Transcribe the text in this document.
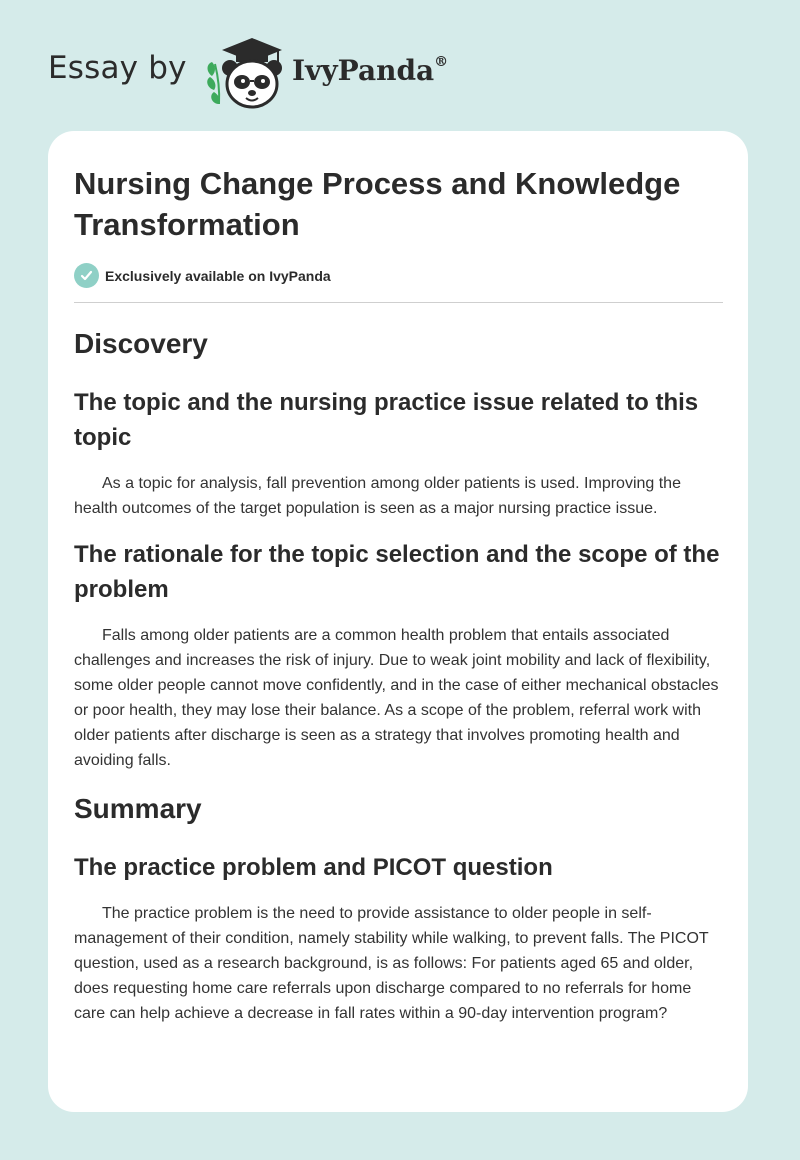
Essay by	IvyPanda®
Nursing Change Process and Knowledge Transformation
Exclusively available on IvyPanda
Discovery
The topic and the nursing practice issue related to this topic

As a topic for analysis, fall prevention among older patients is used. Improving the health outcomes of the target population is seen as a major nursing practice issue.

The rationale for the topic selection and the scope of the problem

Falls among older patients are a common health problem that entails associated challenges and increases the risk of injury. Due to weak joint mobility and lack of flexibility, some older people cannot move confidently, and in the case of either mechanical obstacles or poor health, they may lose their balance. As a scope of the problem, referral work with older patients after discharge is seen as a strategy that involves promoting health and avoiding falls.

Summary
The practice problem and PICOT question

The practice problem is the need to provide assistance to older people in self-management of their condition, namely stability while walking, to prevent falls. The PICOT question, used as a research background, is as follows: For patients aged 65 and older, does requesting home care referrals upon discharge compared to no referrals for home care can help achieve a decrease in fall rates within a 90-day intervention program?
